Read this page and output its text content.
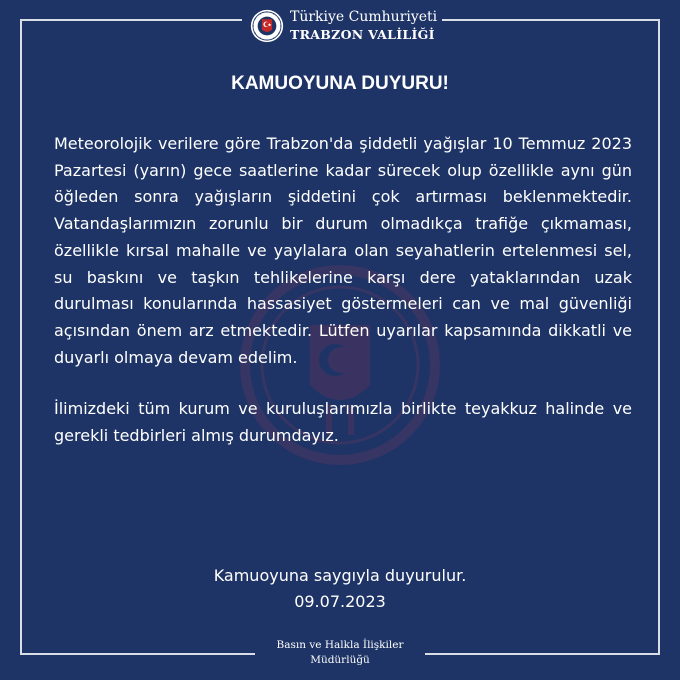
Türkiye Cumhuriyeti
TRABZON VALİLİĞİ
KAMUOYUNA DUYURU!

Meteorolojik verilere göre Trabzon'da şiddetli yağışlar 10 Temmuz 2023 Pazartesi (yarın) gece saatlerine kadar sürecek olup özellikle aynı gün öğleden sonra yağışların şiddetini çok artırması beklenmektedir. Vatandaşlarımızın zorunlu bir durum olmadıkça trafiğe çıkmaması, özellikle kırsal mahalle ve yaylalara olan seyahatlerin ertelenmesi sel, su baskını ve taşkın tehlikelerine karşı dere yataklarından uzak durulması konularında hassasiyet göstermeleri can ve mal güvenliği açısından önem arz etmektedir. Lütfen uyarılar kapsamında dikkatli ve duyarlı olmaya devam edelim.

İlimizdeki tüm kurum ve kuruluşlarımızla birlikte teyakkuz halinde ve gerekli tedbirleri almış durumdayız.

Kamuoyuna saygıyla duyurulur.
09.07.2023
Basın ve Halkla İlişkiler
Müdürlüğü
